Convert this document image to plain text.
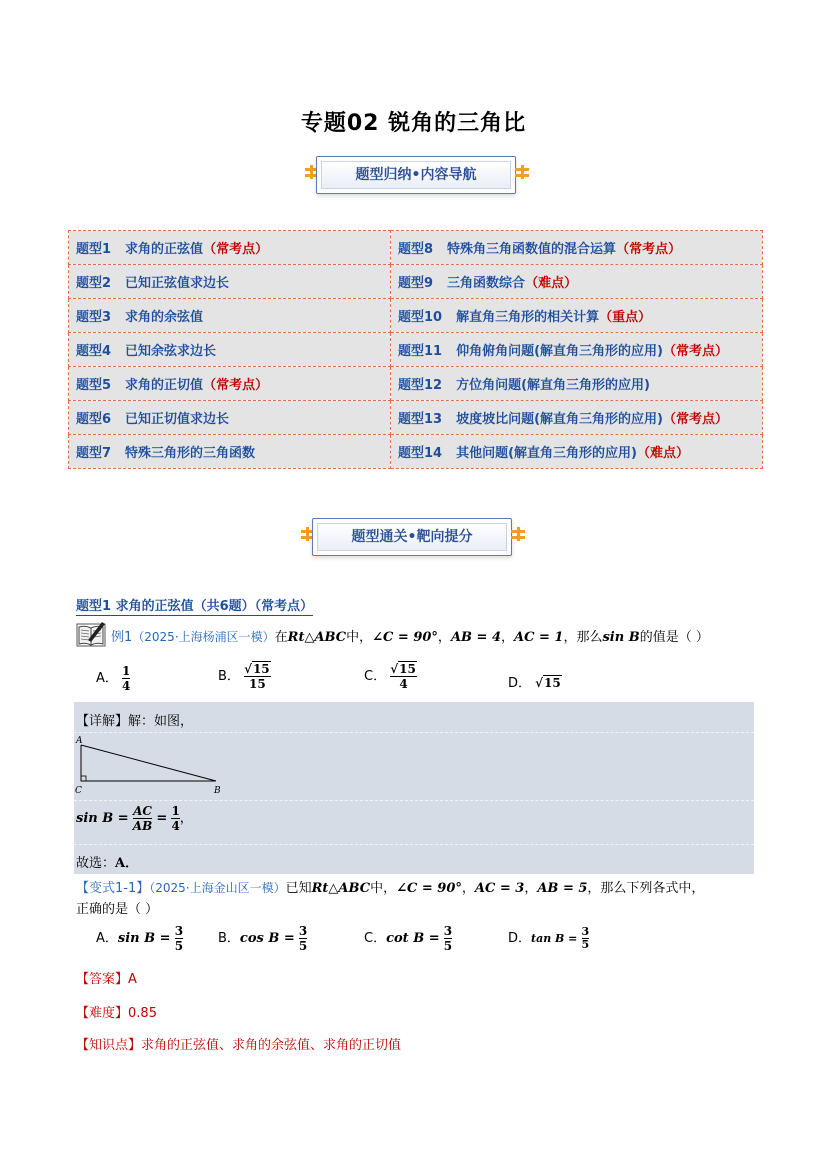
专题02 锐角的三角比
题型归纳•内容导航
题型1 求角的正弦值（常考点）	题型8 特殊角三角函数值的混合运算（常考点）
题型2 已知正弦值求边长	题型9 三角函数综合（难点）
题型3 求角的余弦值	题型10 解直角三角形的相关计算（重点）
题型4 已知余弦求边长	题型11 仰角俯角问题(解直角三角形的应用)（常考点）
题型5 求角的正切值（常考点）	题型12 方位角问题(解直角三角形的应用)
题型6 已知正切值求边长	题型13 坡度坡比问题(解直角三角形的应用)（常考点）
题型7 特殊三角形的三角函数	题型14 其他问题(解直角三角形的应用)（难点）
题型通关•靶向提分
题型1 求角的正弦值（共6题）（常考点）
例1（2025·上海杨浦区一模）在Rt△ABC中，∠C = 90°，AB = 4，AC = 1，那么sin B的值是（ ）
A． $\frac{1}{4}$	B． $\frac{√15}{15}$	C． $\frac{√15}{4}$	D． √15
【详解】解：如图，
A
C	B
$\sin B = \frac{AC}{AB} = \frac{1}{4}$ ，
故选：A．
【变式1-1】（2025·上海金山区一模）已知Rt△ABC中，∠C = 90°，AC = 3，AB = 5，那么下列各式中，
正确的是（ ）
A．$\sin B = \frac{3}{5}$	B．$\cos B = \frac{3}{5}$	C．$\cot B = \frac{3}{5}$	D．$\tan B = \frac{3}{5}$
【答案】A
【难度】0.85
【知识点】求角的正弦值、求角的余弦值、求角的正切值
